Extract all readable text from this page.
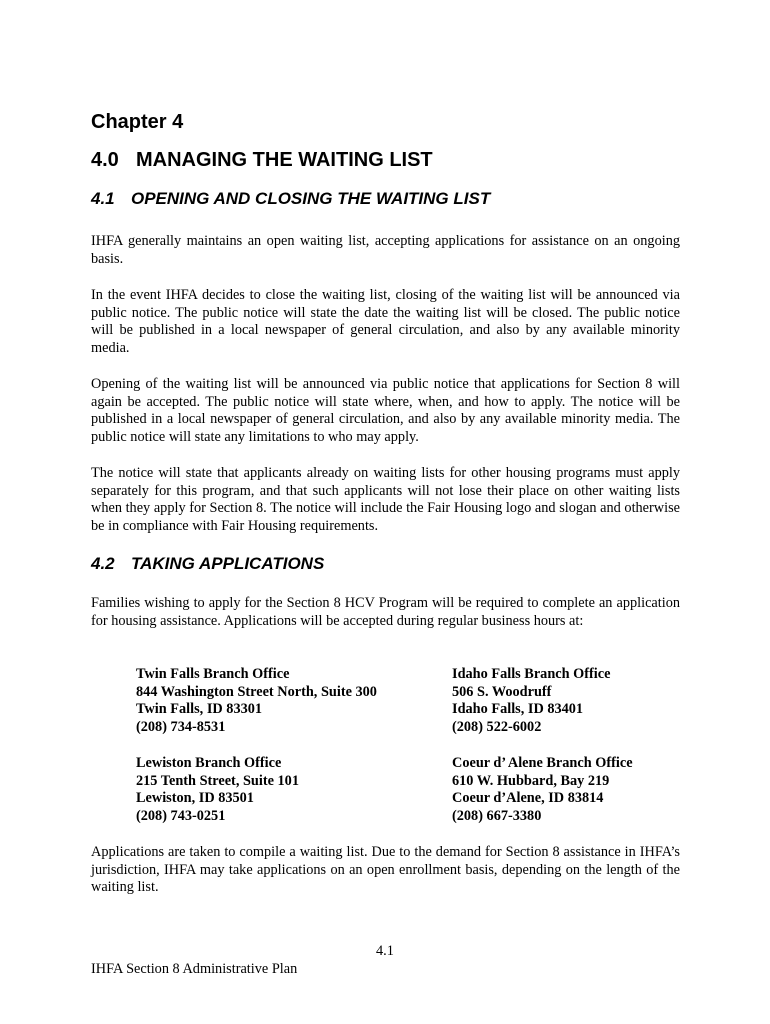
Chapter 4
4.0 MANAGING THE WAITING LIST
4.1 OPENING AND CLOSING THE WAITING LIST

IHFA generally maintains an open waiting list, accepting applications for assistance on an ongoing basis.

In the event IHFA decides to close the waiting list, closing of the waiting list will be announced via public notice. The public notice will state the date the waiting list will be closed. The public notice will be published in a local newspaper of general circulation, and also by any available minority media.

Opening of the waiting list will be announced via public notice that applications for Section 8 will again be accepted. The public notice will state where, when, and how to apply. The notice will be published in a local newspaper of general circulation, and also by any available minority media. The public notice will state any limitations to who may apply.

The notice will state that applicants already on waiting lists for other housing programs must apply separately for this program, and that such applicants will not lose their place on other waiting lists when they apply for Section 8. The notice will include the Fair Housing logo and slogan and otherwise be in compliance with Fair Housing requirements.

4.2 TAKING APPLICATIONS

Families wishing to apply for the Section 8 HCV Program will be required to complete an application for housing assistance. Applications will be accepted during regular business hours at:

Twin Falls Branch Office
844 Washington Street North, Suite 300
Twin Falls, ID 83301
(208) 734-8531
Idaho Falls Branch Office
506 S. Woodruff
Idaho Falls, ID 83401
(208) 522-6002
Lewiston Branch Office
215 Tenth Street, Suite 101
Lewiston, ID 83501
(208) 743-0251
Coeur d’ Alene Branch Office
610 W. Hubbard, Bay 219
Coeur d’Alene, ID 83814
(208) 667-3380

Applications are taken to compile a waiting list. Due to the demand for Section 8 assistance in IHFA’s jurisdiction, IHFA may take applications on an open enrollment basis, depending on the length of the waiting list.

4.1
IHFA Section 8 Administrative Plan
